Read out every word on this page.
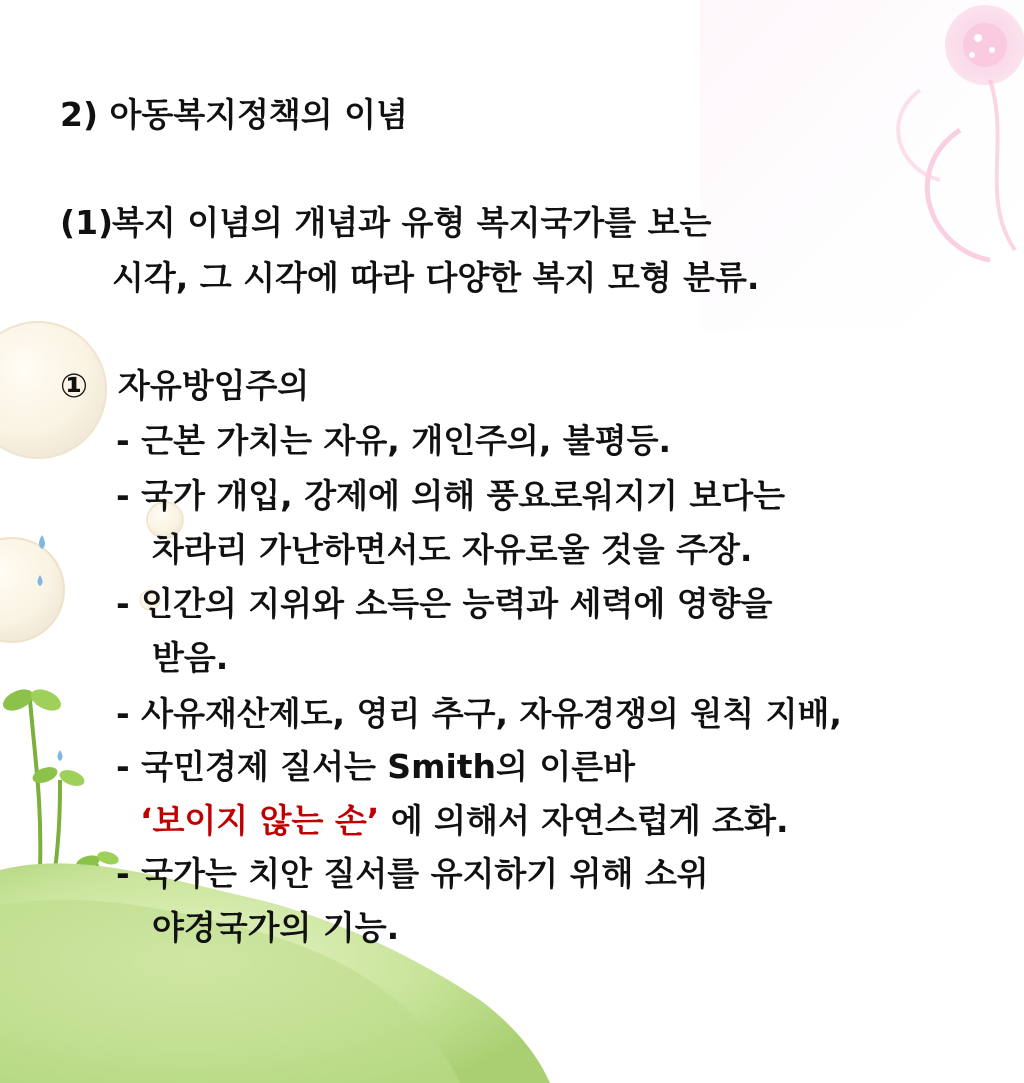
2) 아동복지정책의 이념
(1)
복지 이념의 개념과 유형 복지국가를 보는
시각, 그 시각에 따라 다양한 복지 모형 분류.
① 자유방임주의
- 근본 가치는 자유, 개인주의, 불평등.
- 국가 개입, 강제에 의해 풍요로워지기 보다는
차라리 가난하면서도 자유로울 것을 주장.
- 인간의 지위와 소득은 능력과 세력에 영향을
받음.
- 사유재산제도, 영리 추구, 자유경쟁의 원칙 지배,
- 국민경제 질서는 Smith의 이른바
‘보이지 않는 손’ 에 의해서 자연스럽게 조화.
- 국가는 치안 질서를 유지하기 위해 소위
야경국가의 기능.
